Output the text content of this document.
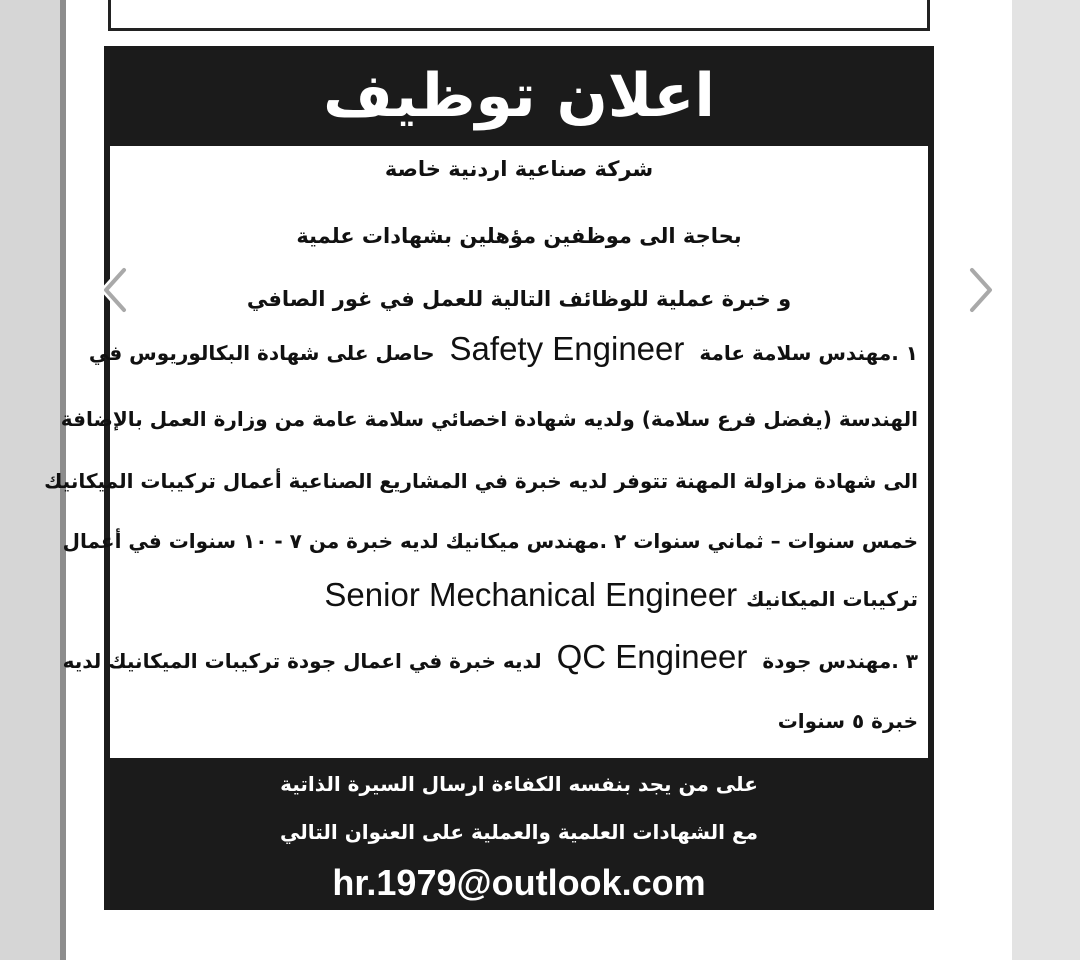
اعلان توظيف
شركة صناعية اردنية خاصة
بحاجة الى موظفين مؤهلين بشهادات علمية
و خبرة عملية للوظائف التالية للعمل في غور الصافي
١ .مهندس سلامة عامة Safety Engineer حاصل على شهادة البكالوريوس في
الهندسة (يفضل فرع سلامة) ولديه شهادة اخصائي سلامة عامة من وزارة العمل بالإضافة
الى شهادة مزاولة المهنة تتوفر لديه خبرة في المشاريع الصناعية أعمال تركيبات الميكانيك
خمس سنوات – ثماني سنوات ٢ .مهندس ميكانيك لديه خبرة من ٧ - ١٠ سنوات في أعمال
تركيبات الميكانيك Senior Mechanical Engineer
٣ .مهندس جودة QC Engineer لديه خبرة في اعمال جودة تركيبات الميكانيك لديه
خبرة ٥ سنوات
على من يجد بنفسه الكفاءة ارسال السيرة الذاتية
مع الشهادات العلمية والعملية على العنوان التالي
hr.1979@outlook.com
